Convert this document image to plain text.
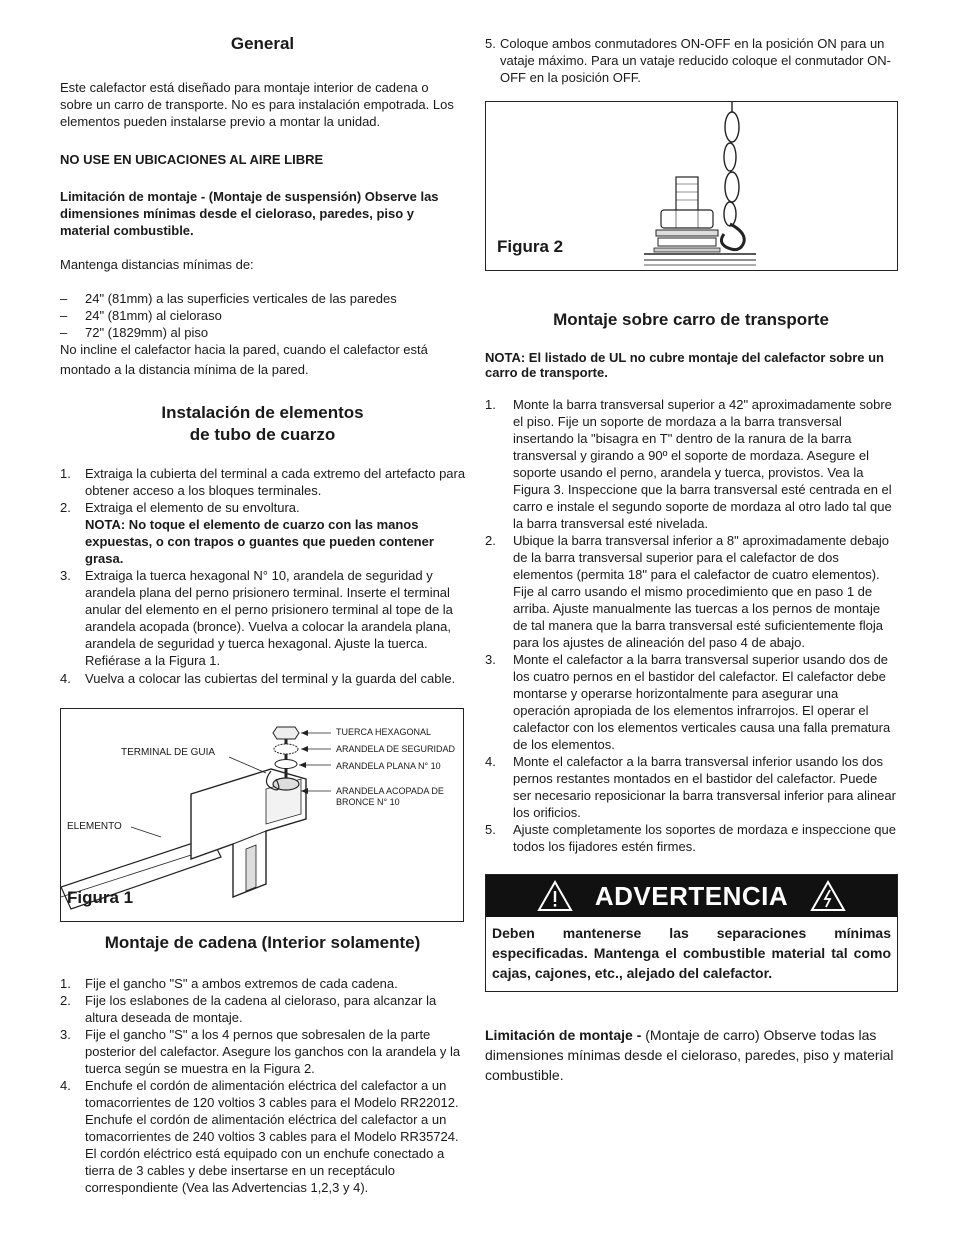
General

Este calefactor está diseñado para montaje interior de cadena o sobre un carro de transporte. No es para instalación empotrada. Los elementos pueden instalarse previo a montar la unidad.

NO USE EN UBICACIONES AL AIRE LIBRE

Limitación de montaje - (Montaje de suspensión) Observe las dimensiones mínimas desde el cieloraso, paredes, piso y material combustible.

Mantenga distancias mínimas de:

– 24" (81mm) a las superficies verticales de las paredes
– 24" (81mm) al cieloraso
– 72" (1829mm) al piso

No incline el calefactor hacia la pared, cuando el calefactor está montado a la distancia mínima de la pared.

Instalación de elementos
de tubo de cuarzo
1. Extraiga la cubierta del terminal a cada extremo del artefacto para obtener acceso a los bloques terminales.
2. Extraiga el elemento de su envoltura.
NOTA: No toque el elemento de cuarzo con las manos expuestas, o con trapos o guantes que pueden contener grasa.
3. Extraiga la tuerca hexagonal N° 10, arandela de seguridad y arandela plana del perno prisionero terminal. Inserte el terminal anular del elemento en el perno prisionero terminal al tope de la arandela acopada (bronce). Vuelva a colocar la arandela plana, arandela de seguridad y tuerca hexagonal. Ajuste la tuerca. Refiérase a la Figura 1.
4. Vuelva a colocar las cubiertas del terminal y la guarda del cable.
TUERCA HEXAGONAL
ARANDELA DE SEGURIDAD
ARANDELA PLANA N° 10
ARANDELA ACOPADA DE
BRONCE N° 10
TERMINAL DE GUIA
ELEMENTO
Figura 1
Montaje de cadena (Interior solamente)
1. Fije el gancho "S" a ambos extremos de cada cadena.
2. Fije los eslabones de la cadena al cieloraso, para alcanzar la altura deseada de montaje.
3. Fije el gancho "S" a los 4 pernos que sobresalen de la parte posterior del calefactor. Asegure los ganchos con la arandela y la tuerca según se muestra en la Figura 2.
4. Enchufe el cordón de alimentación eléctrica del calefactor a un tomacorrientes de 120 voltios 3 cables para el Modelo RR22012. Enchufe el cordón de alimentación eléctrica del calefactor a un tomacorrientes de 240 voltios 3 cables para el Modelo RR35724. El cordón eléctrico está equipado con un enchufe conectado a tierra de 3 cables y debe insertarse en un receptáculo correspondiente (Vea las Advertencias 1,2,3 y 4).
5. Coloque ambos conmutadores ON-OFF en la posición ON para un vataje máximo. Para un vataje reducido coloque el conmutador ON-OFF en la posición OFF.
Figura 2
Montaje sobre carro de transporte

NOTA: El listado de UL no cubre montaje del calefactor sobre un carro de transporte.

1. Monte la barra transversal superior a 42" aproximadamente sobre el piso. Fije un soporte de mordaza a la barra transversal insertando la "bisagra en T" dentro de la ranura de la barra transversal y girando a 90º el soporte de mordaza. Asegure el soporte usando el perno, arandela y tuerca, provistos. Vea la Figura 3. Inspeccione que la barra transversal esté centrada en el carro e instale el segundo soporte de mordaza al otro lado tal que la barra transversal esté nivelada.
2. Ubique la barra transversal inferior a 8" aproximadamente debajo de la barra transversal superior para el calefactor de dos elementos (permita 18" para el calefactor de cuatro elementos). Fije al carro usando el mismo procedimiento que en paso 1 de arriba. Ajuste manualmente las tuercas a los pernos de montaje de tal manera que la barra transversal esté suficientemente floja para los ajustes de alineación del paso 4 de abajo.
3. Monte el calefactor a la barra transversal superior usando dos de los cuatro pernos en el bastidor del calefactor. El calefactor debe montarse y operarse horizontalmente para asegurar una operación apropiada de los elementos infrarrojos. El operar el calefactor con los elementos verticales causa una falla prematura de los elementos.
4. Monte el calefactor a la barra transversal inferior usando los dos pernos restantes montados en el bastidor del calefactor. Puede ser necesario reposicionar la barra transversal inferior para alinear los orificios.
5. Ajuste completamente los soportes de mordaza e inspeccione que todos los fijadores estén firmes.
ADVERTENCIA
Deben mantenerse las separaciones mínimas especificadas. Mantenga el combustible material tal como cajas, cajones, etc., alejado del calefactor.

Limitación de montaje - (Montaje de carro) Observe todas las dimensiones mínimas desde el cieloraso, paredes, piso y material combustible.
